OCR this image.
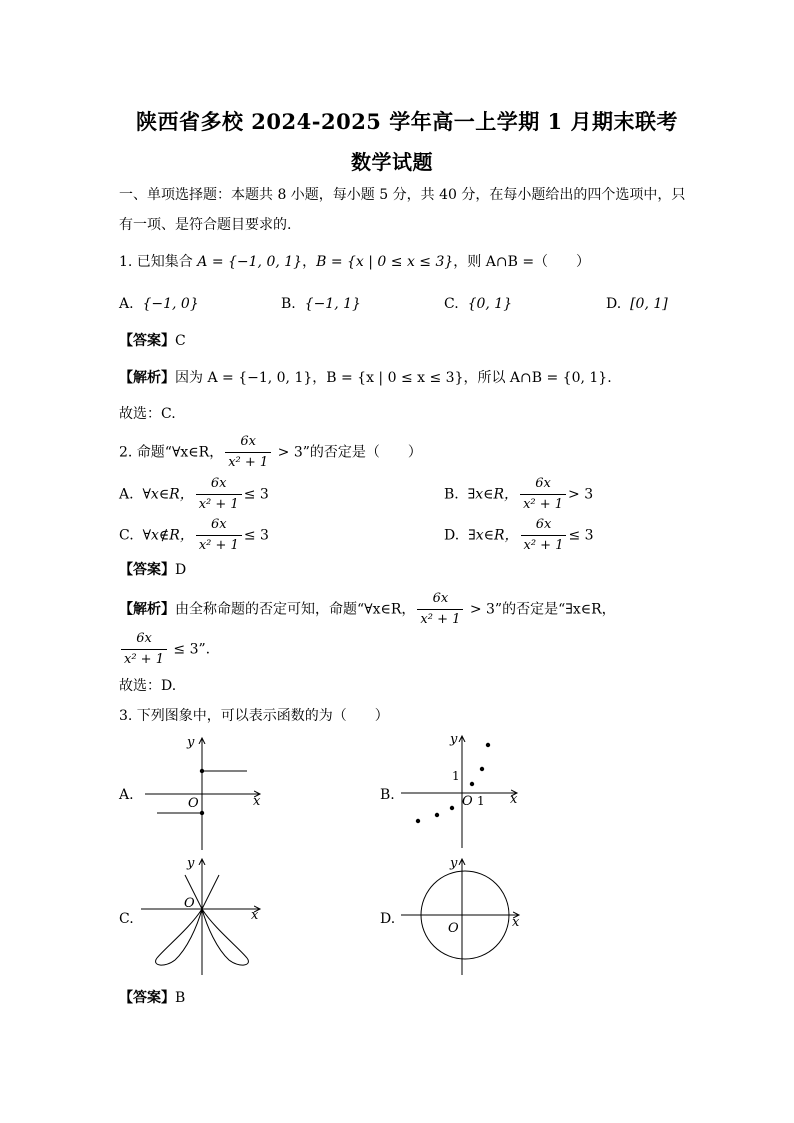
陕西省多校 2024-2025 学年高一上学期 1 月期末联考
数学试题
一、单项选择题：本题共 8 小题，每小题 5 分，共 40 分，在每小题给出的四个选项中，只
有一项、是符合题目要求的.
1. 已知集合 A = {−1, 0, 1}，B = {x | 0 ≤ x ≤ 3}，则 A∩B =（　　）
A. {−1, 0}	B. {−1, 1}	C. {0, 1}	D. [0, 1]
【答案】C
【解析】因为 A = {−1, 0, 1}，B = {x | 0 ≤ x ≤ 3}，所以 A∩B = {0, 1}.
故选：C.
2. 命题“∀x∈R， $\frac{6x}{\text{x² + 1}} > 3$”的否定是（　　）
A. ∀x∈R， $\frac{6x}{\text{x² + 1}} \le 3$	B. ∃x∈R， $\frac{6x}{\text{x² + 1}} > 3$
C. ∀x∉R， $\frac{6x}{\text{x² + 1}} \le 3$	D. ∃x∈R， $\frac{6x}{\text{x² + 1}} \le 3$
【答案】D
【解析】由全称命题的否定可知，命题“∀x∈R， $\frac{6x}{\text{x² + 1}} > 3$”的否定是“∃x∈R，
$\frac{6x}{\text{x² + 1}} \le 3$”.
故选：D.
3. 下列图象中，可以表示函数的为（　　）
A.	x
y
O
B.	x
y
O 1
1
C.	x
y
O
D.	x
y
O
【答案】B
